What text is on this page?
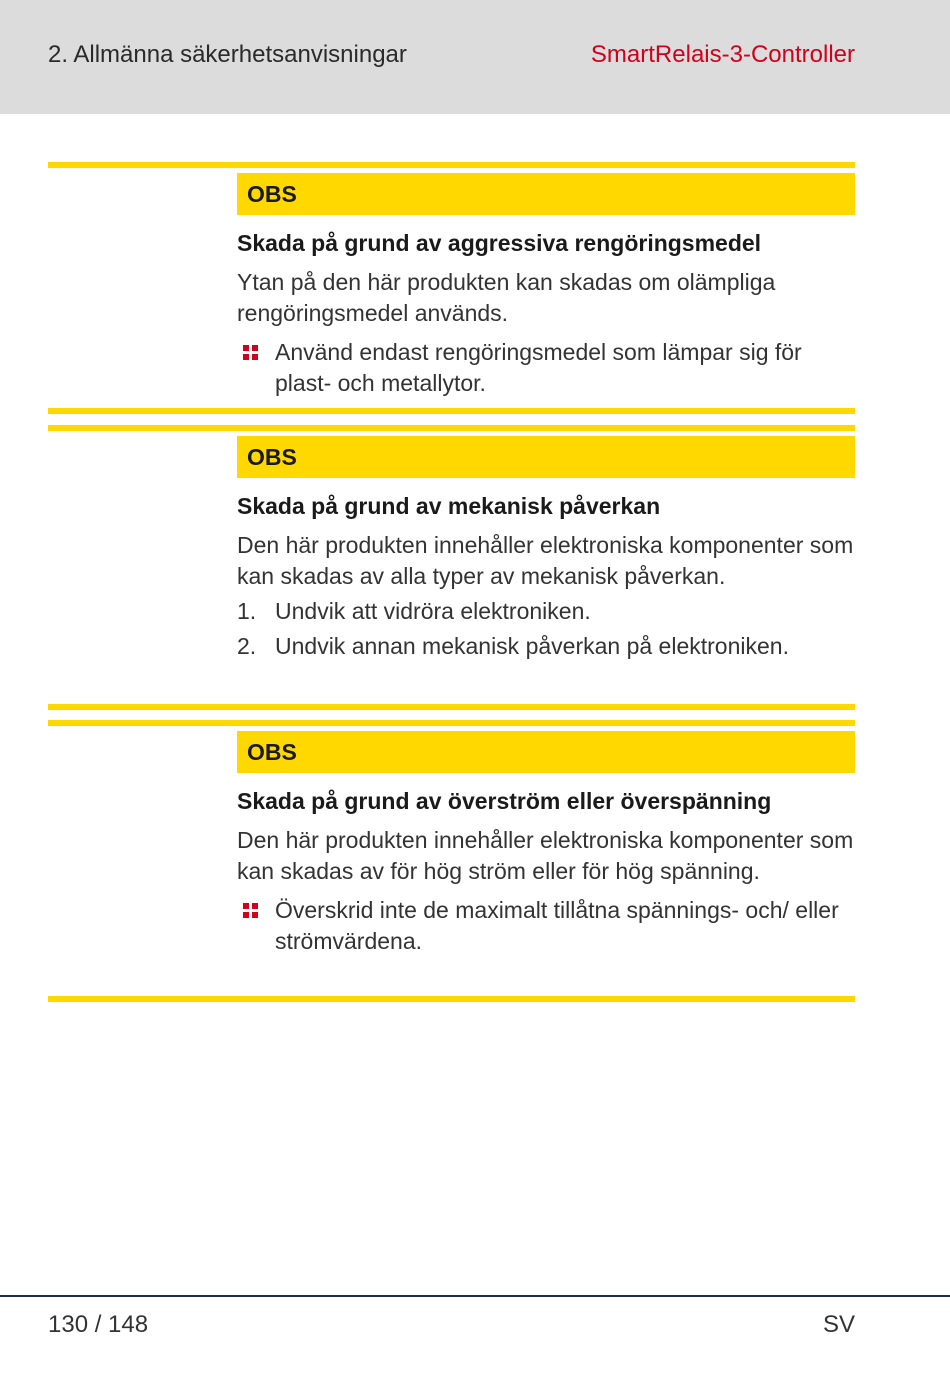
2. Allmänna säkerhetsanvisningar	SmartRelais-3-Controller
OBS
Skada på grund av aggressiva rengöringsmedel
Ytan på den här produkten kan skadas om olämpliga rengöringsmedel används.
Använd endast rengöringsmedel som lämpar sig för plast- och metallytor.
OBS
Skada på grund av mekanisk påverkan
Den här produkten innehåller elektroniska komponenter som kan skadas av alla typer av mekanisk påverkan.
1. Undvik att vidröra elektroniken.
2. Undvik annan mekanisk påverkan på elektroniken.
OBS
Skada på grund av överström eller överspänning
Den här produkten innehåller elektroniska komponenter som kan skadas av för hög ström eller för hög spänning.
Överskrid inte de maximalt tillåtna spännings- och/ eller strömvärdena.
130 / 148	SV
